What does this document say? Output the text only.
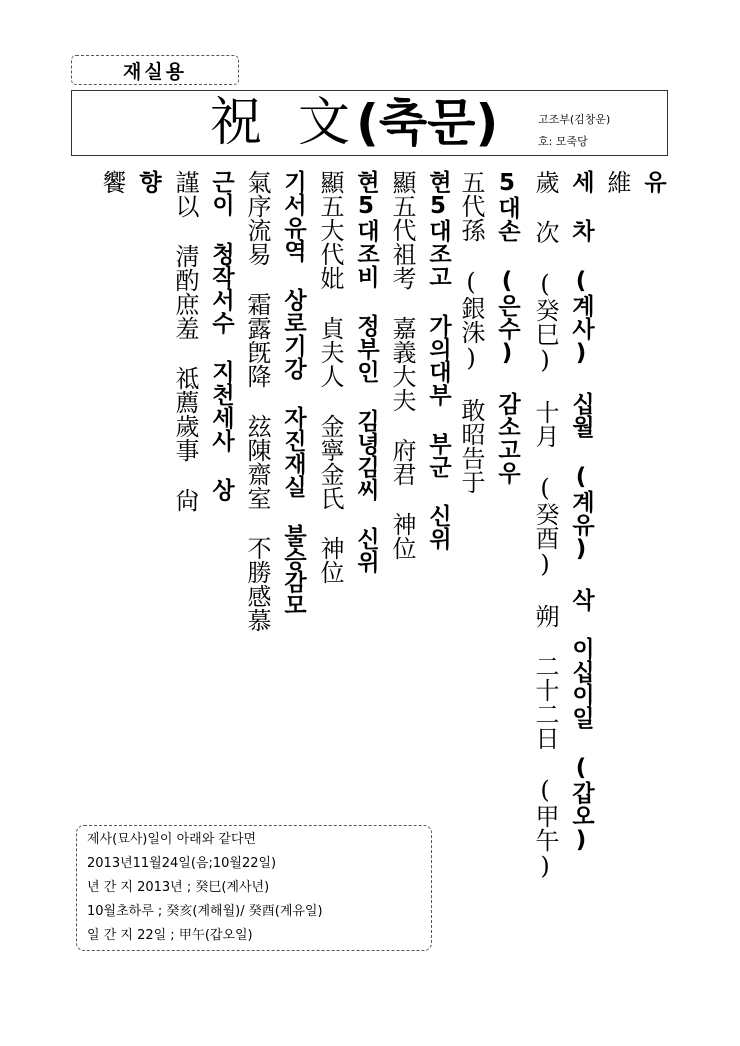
재실용
祝 文 (축문)	고조부(김창운)
호: 모죽당
유
維
세　차　(계사)　십월　(계유)　삭　이십이일　(갑오)
歲　次　(癸巳)　十月　(癸酉)　朔　二十二日　(甲午)
5대손　(은수)　감소고우
五代孫　(銀洙)　敢昭告于
현5대조고　가의대부　부군　신위
顯五代祖考　嘉義大夫　府君　神位
현5대조비　정부인　김녕김씨　신위
顯五大代妣　貞夫人　金寧金氏　神位
기서유역　상로기강　자진재실　불승감모
氣序流易　霜露旣降　玆陳齋室　不勝感慕
근이　청작서수　지천세사　상
謹以　淸酌庶羞　祗薦歲事　尙
향
饗
제사(묘사)일이 아래와 같다면
2013년11월24일(음;10월22일)
년 간 지 2013년 ; 癸巳(계사년)
10월초하루 ; 癸亥(계해월)/ 癸酉(계유일)
일 간 지 22일 ; 甲午(갑오일)
